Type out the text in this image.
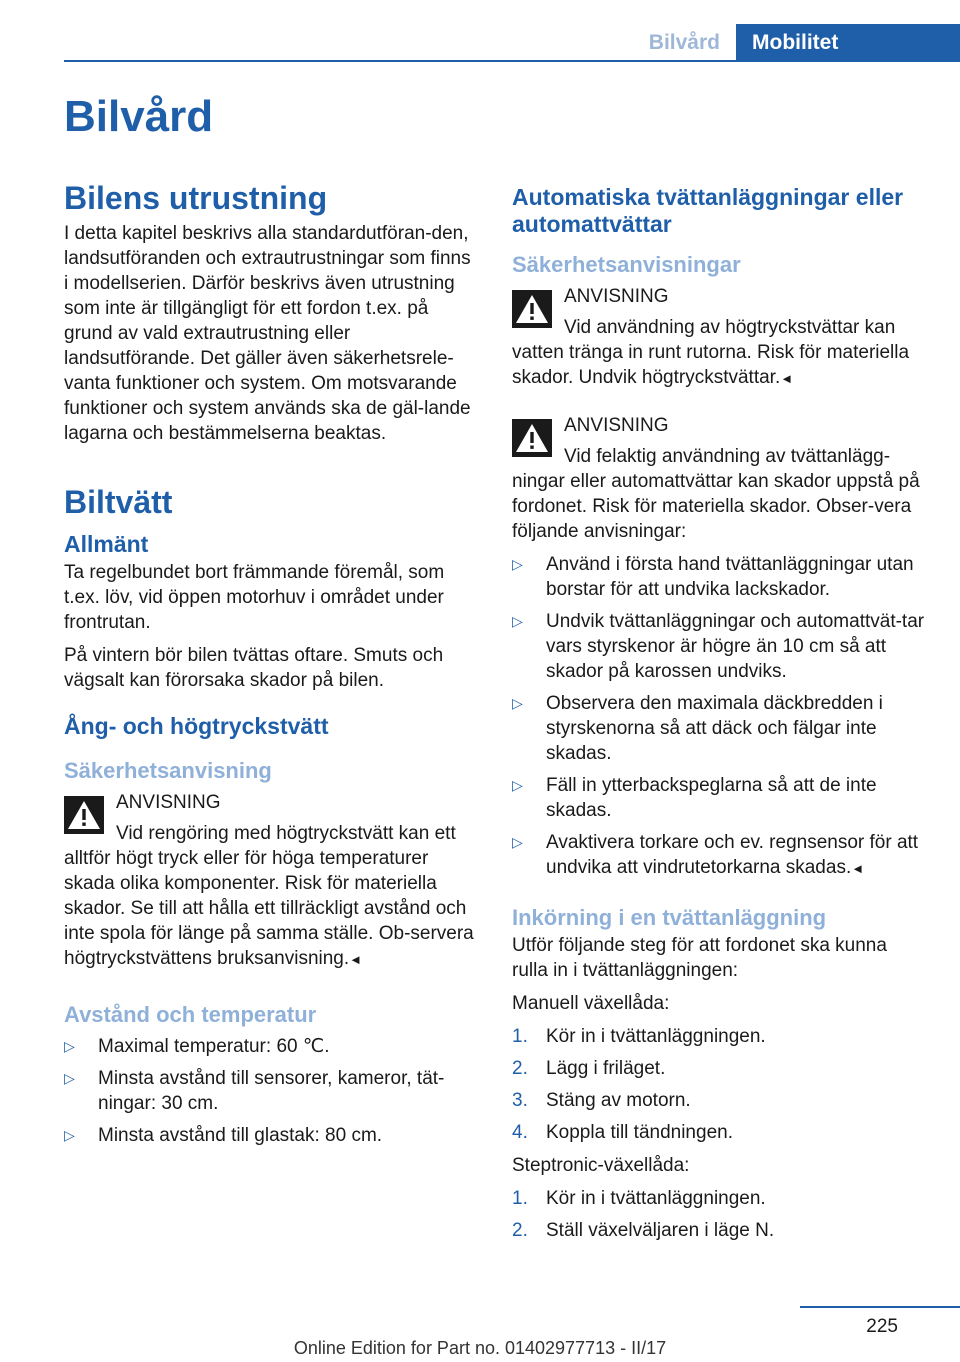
Bilvård	Mobilitet
Bilvård
Bilens utrustning

I detta kapitel beskrivs alla standardutföran-den, landsutföranden och extrautrustningar som finns i modellserien. Därför beskrivs även utrustning som inte är tillgängligt för ett fordon t.ex. på grund av vald extrautrustning eller landsutförande. Det gäller även säkerhetsrele-vanta funktioner och system. Om motsvarande funktioner och system används ska de gäl-lande lagarna och bestämmelserna beaktas.

Biltvätt
Allmänt

Ta regelbundet bort främmande föremål, som t.ex. löv, vid öppen motorhuv i området under frontrutan.

På vintern bör bilen tvättas oftare. Smuts och vägsalt kan förorsaka skador på bilen.

Ång- och högtryckstvätt
Säkerhetsanvisning
ANVISNING
Vid rengöring med högtryckstvätt kan ett alltför högt tryck eller för höga temperaturer skada olika komponenter. Risk för materiella skador. Se till att hålla ett tillräckligt avstånd och inte spola för länge på samma ställe. Ob-servera högtryckstvättens bruksanvisning.◄
Avstånd och temperatur
▷ Maximal temperatur: 60 ℃.
▷ Minsta avstånd till sensorer, kameror, tät-ningar: 30 cm.
▷ Minsta avstånd till glastak: 80 cm.
Automatiska tvättanläggningar eller automattvättar
Säkerhetsanvisningar
ANVISNING
Vid användning av högtryckstvättar kan vatten tränga in runt rutorna. Risk för materiella skador. Undvik högtryckstvättar.◄
ANVISNING
Vid felaktig användning av tvättanlägg-ningar eller automattvättar kan skador uppstå på fordonet. Risk för materiella skador. Obser-vera följande anvisningar:
▷ Använd i första hand tvättanläggningar utan borstar för att undvika lackskador.
▷ Undvik tvättanläggningar och automattvät-tar vars styrskenor är högre än 10 cm så att skador på karossen undviks.
▷ Observera den maximala däckbredden i styrskenorna så att däck och fälgar inte skadas.
▷ Fäll in ytterbackspeglarna så att de inte skadas.
▷ Avaktivera torkare och ev. regnsensor för att undvika att vindrutetorkarna skadas.◄
Inkörning i en tvättanläggning

Utför följande steg för att fordonet ska kunna rulla in i tvättanläggningen:

Manuell växellåda:

1. Kör in i tvättanläggningen.
2. Lägg i friläget.
3. Stäng av motorn.
4. Koppla till tändningen.

Steptronic-växellåda:

1. Kör in i tvättanläggningen.
2. Ställ växelväljaren i läge N.
225
Online Edition for Part no. 01402977713 - II/17
